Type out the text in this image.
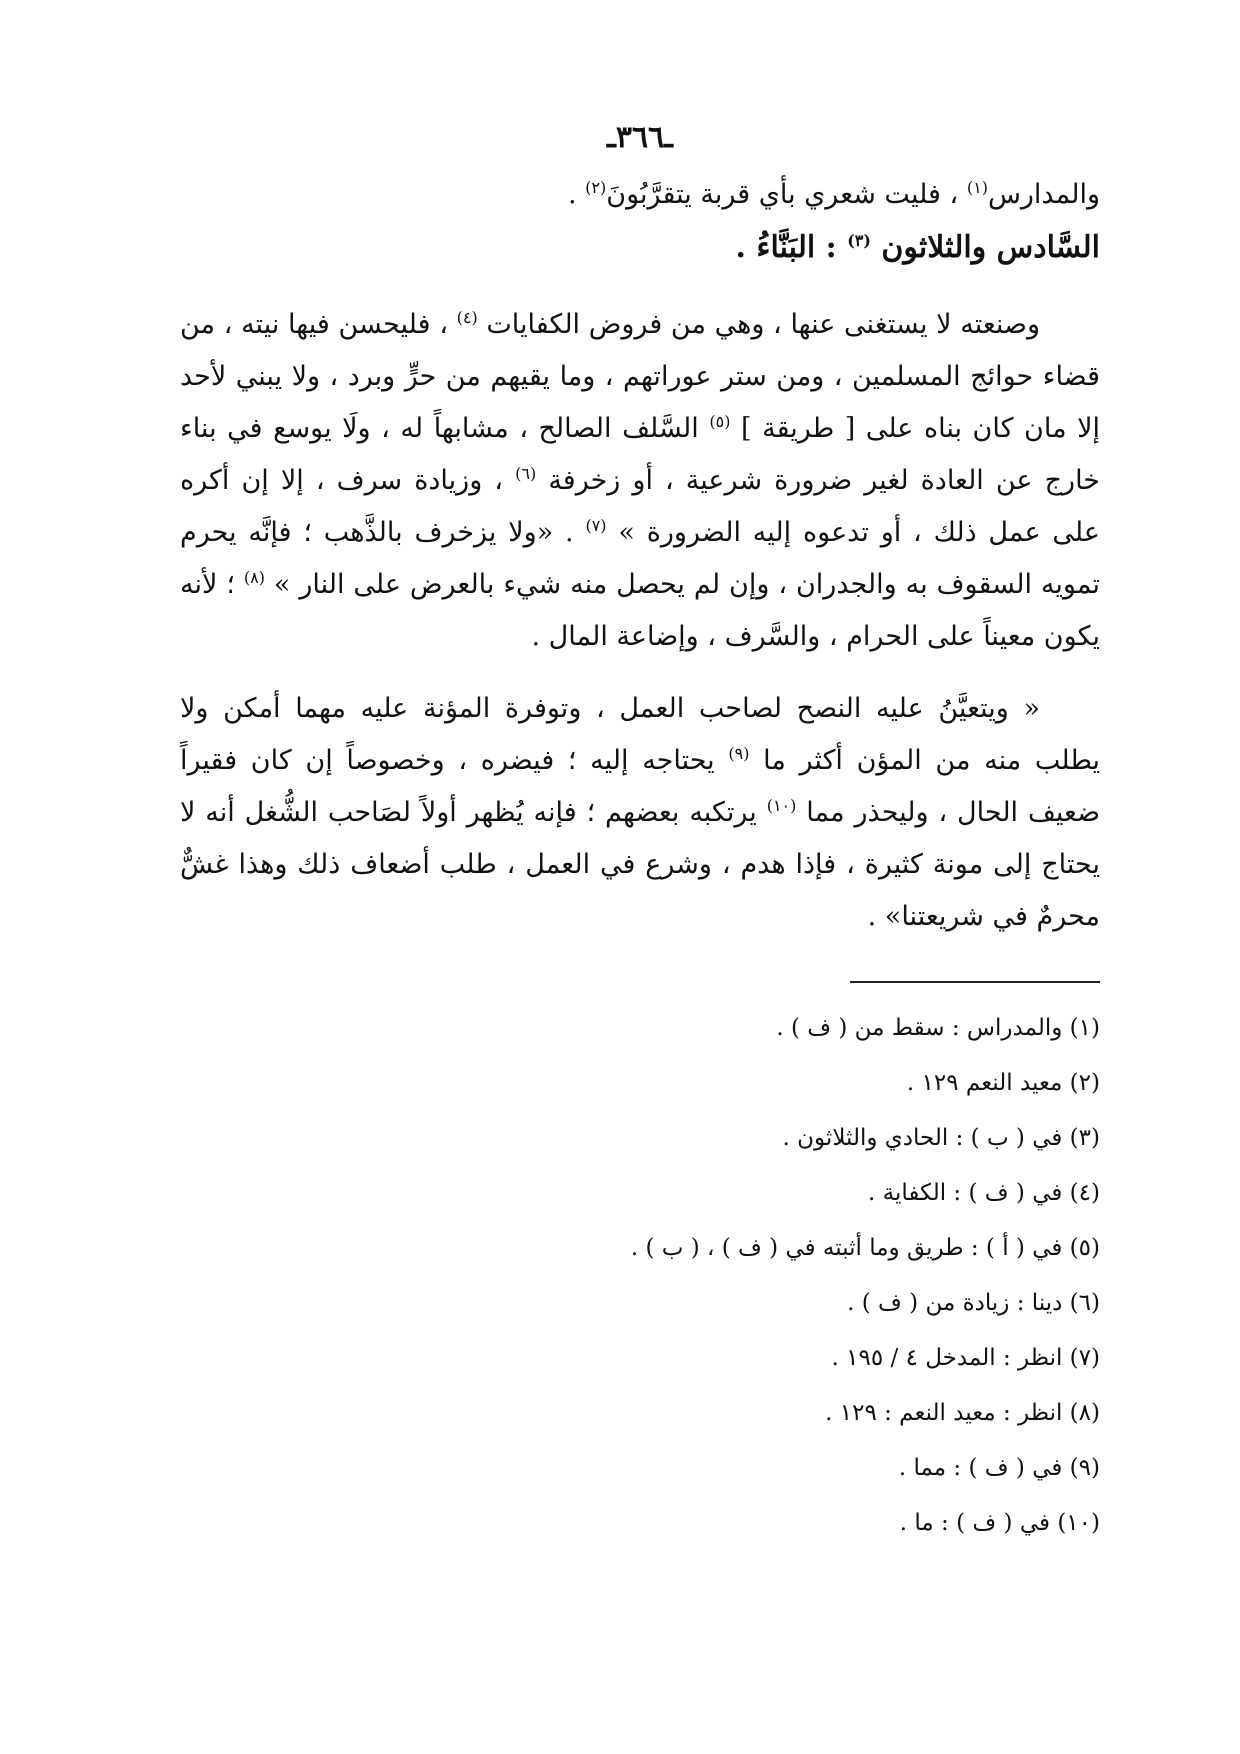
ـ٣٦٦ـ

والمدارس$^{(١)}$ ، فليت شعري بأي قربة يتقرَّبُونَ$^{(٢)}$ .

السَّادس والثلاثون $^{(٣)}$ : البَنَّاءُ .

وصنعته لا يستغنى عنها ، وهي من فروض الكفايات $^{(٤)}$ ، فليحسن فيها نيته ، من قضاء حوائج المسلمين ، ومن ستر عوراتهم ، وما يقيهم من حرٍّ وبرد ، ولا يبني لأحد إلا مان كان بناه على [ طريقة ] $^{(٥)}$ السَّلف الصالح ، مشابهاً له ، ولَا يوسع في بناء خارج عن العادة لغير ضرورة شرعية ، أو زخرفة $^{(٦)}$ ، وزيادة سرف ، إلا إن أكره على عمل ذلك ، أو تدعوه إليه الضرورة » $^{(٧)}$ . «ولا يزخرف بالذَّهب ؛ فإنَّه يحرم تمويه السقوف به والجدران ، وإن لم يحصل منه شيء بالعرض على النار » $^{(٨)}$ ؛ لأنه يكون معيناً على الحرام ، والسَّرف ، وإضاعة المال .

« ويتعيَّنُ عليه النصح لصاحب العمل ، وتوفرة المؤنة عليه مهما أمكن ولا يطلب منه من المؤن أكثر ما $^{(٩)}$ يحتاجه إليه ؛ فيضره ، وخصوصاً إن كان فقيراً ضعيف الحال ، وليحذر مما $^{(١٠)}$ يرتكبه بعضهم ؛ فإنه يُظهر أولاً لصَاحب الشُّغل أنه لا يحتاج إلى مونة كثيرة ، فإذا هدم ، وشرع في العمل ، طلب أضعاف ذلك وهذا غشٌّ محرمٌ في شريعتنا» .

(١) والمدراس : سقط من ( ف ) .

(٢) معيد النعم ١٢٩ .

(٣) في ( ب ) : الحادي والثلاثون .

(٤) في ( ف ) : الكفاية .

(٥) في ( أ ) : طريق وما أثبته في ( ف ) ، ( ب ) .

(٦) دينا : زيادة من ( ف ) .

(٧) انظر : المدخل ٤ / ١٩٥ .

(٨) انظر : معيد النعم : ١٢٩ .

(٩) في ( ف ) : مما .

(١٠) في ( ف ) : ما .
